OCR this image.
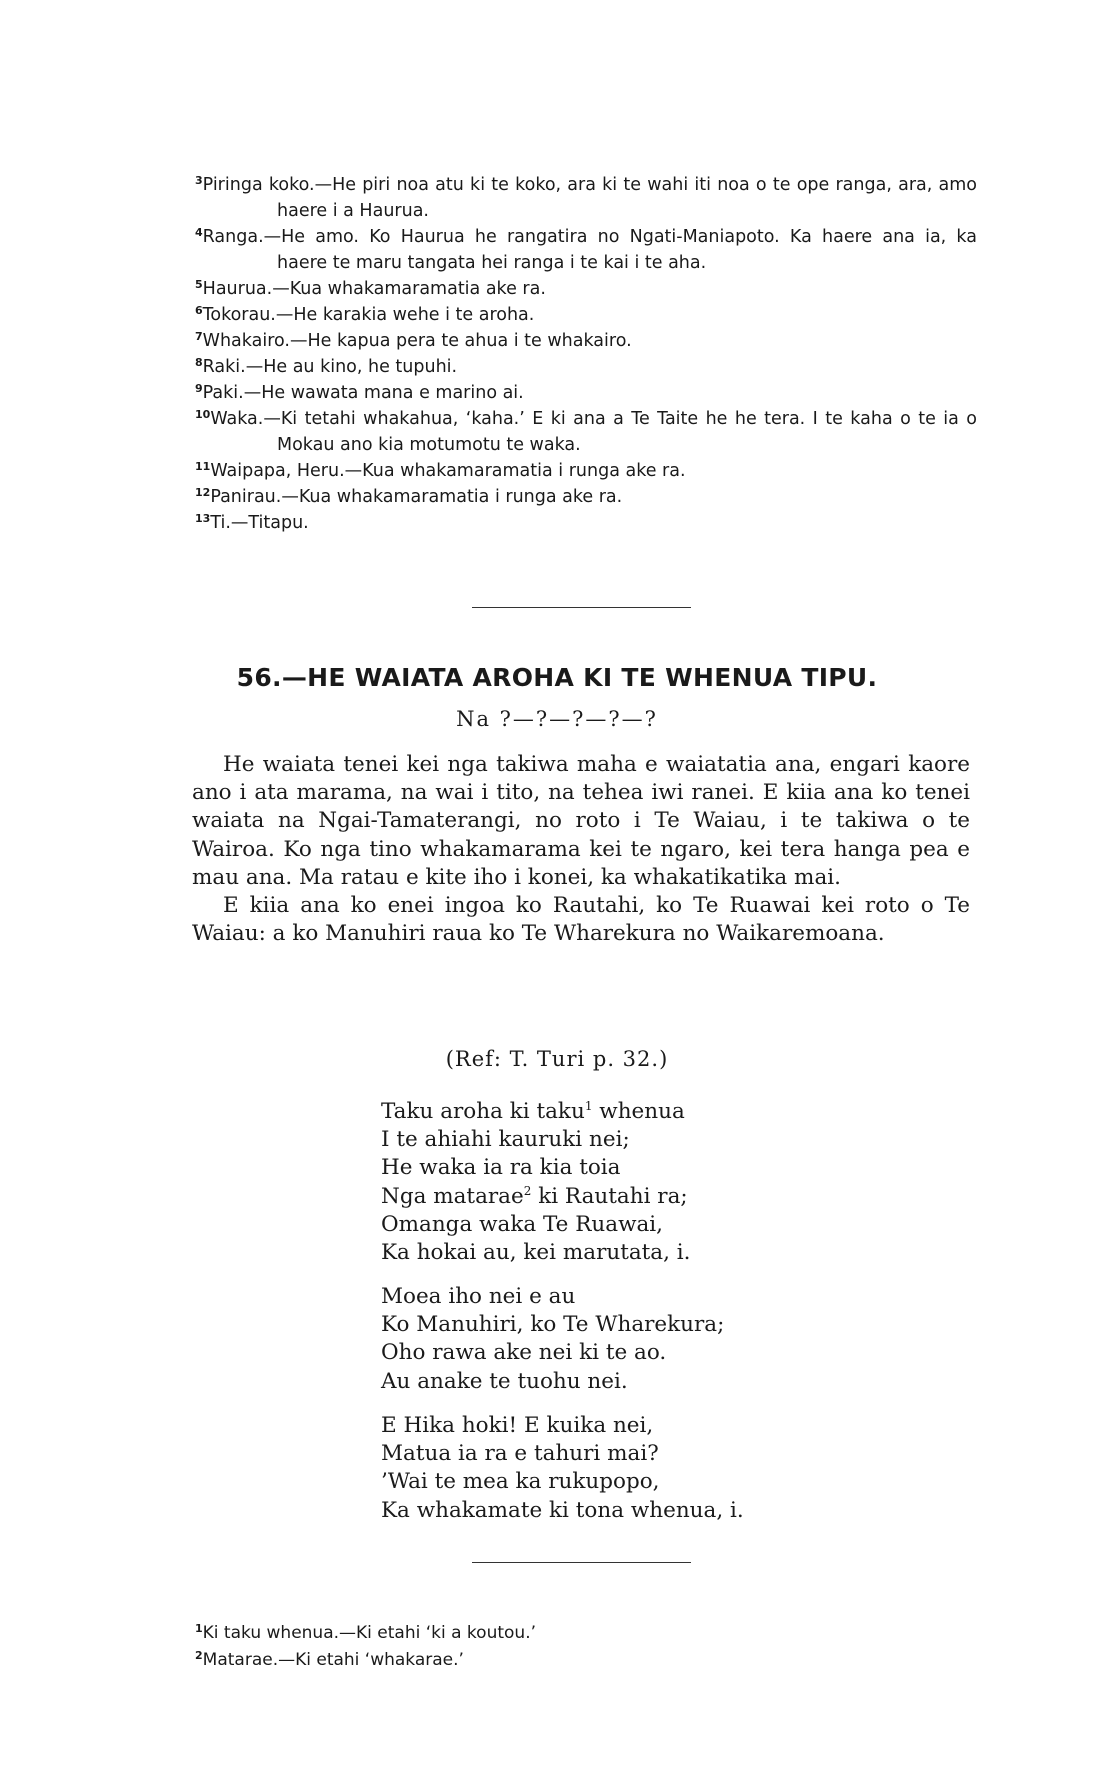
$^3$Piringa koko.—He piri noa atu ki te koko, ara ki te wahi iti noa o te ope ranga, ara, amo haere i a Haurua.
$^4$Ranga.—He amo. Ko Haurua he rangatira no Ngati-Maniapoto. Ka haere ana ia, ka haere te maru tangata hei ranga i te kai i te aha.
$^5$Haurua.—Kua whakamaramatia ake ra.
$^6$Tokorau.—He karakia wehe i te aroha.
$^7$Whakairo.—He kapua pera te ahua i te whakairo.
$^8$Raki.—He au kino, he tupuhi.
$^9$Paki.—He wawata mana e marino ai.
$^{10}$Waka.—Ki tetahi whakahua, ‘kaha.’ E ki ana a Te Taite he he tera. I te kaha o te ia o Mokau ano kia motumotu te waka.
$^{11}$Waipapa, Heru.—Kua whakamaramatia i runga ake ra.
$^{12}$Panirau.—Kua whakamaramatia i runga ake ra.
$^{13}$Ti.—Titapu.
56.—HE WAIATA AROHA KI TE WHENUA TIPU.
Na ?—?—?—?—?

He waiata tenei kei nga takiwa maha e waiatatia ana, engari kaore ano i ata marama, na wai i tito, na tehea iwi ranei. E kiia ana ko tenei waiata na Ngai-Tamaterangi, no roto i Te Waiau, i te takiwa o te Wairoa. Ko nga tino whakamarama kei te ngaro, kei tera hanga pea e mau ana. Ma ratau e kite iho i konei, ka whakatikatika mai.

E kiia ana ko enei ingoa ko Rautahi, ko Te Ruawai kei roto o Te Waiau: a ko Manuhiri raua ko Te Wharekura no Waikaremoana.

(Ref: T. Turi p. 32.)
Taku aroha ki taku$^1$ whenua
I te ahiahi kauruki nei;
He waka ia ra kia toia
Nga matarae$^2$ ki Rautahi ra;
Omanga waka Te Ruawai,
Ka hokai au, kei marutata, i.
Moea iho nei e au
Ko Manuhiri, ko Te Wharekura;
Oho rawa ake nei ki te ao.
Au anake te tuohu nei.
E Hika hoki! E kuika nei,
Matua ia ra e tahuri mai?
’Wai te mea ka rukupopo,
Ka whakamate ki tona whenua, i.
$^1$Ki taku whenua.—Ki etahi ‘ki a koutou.’
$^2$Matarae.—Ki etahi ‘whakarae.’
